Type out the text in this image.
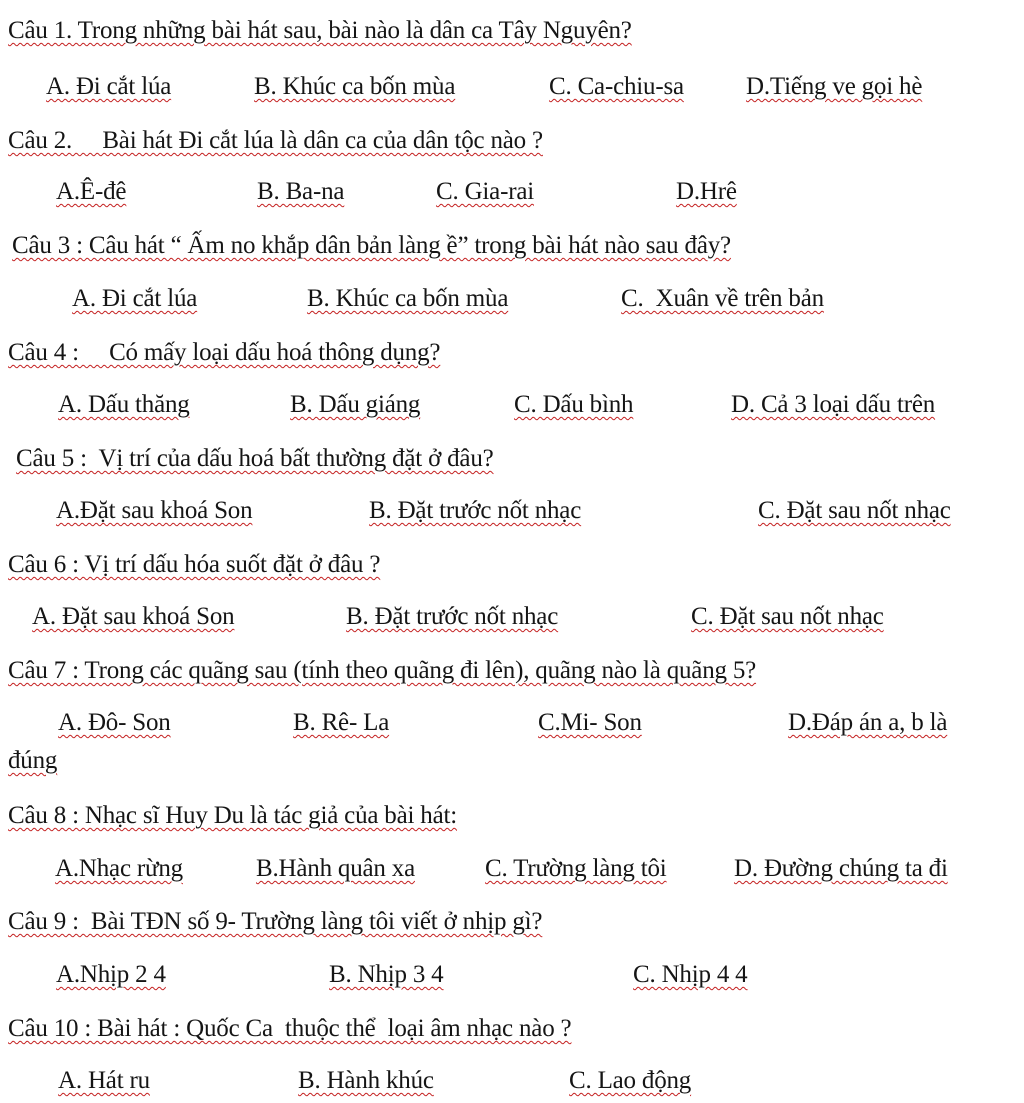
Câu 1. Trong những bài hát sau, bài nào là dân ca Tây Nguyên?
A. Đi cắt lúa	B. Khúc ca bốn mùa	C. Ca-chiu-sa D.Tiếng ve gọi hè
Câu 2.     Bài hát Đi cắt lúa là dân ca của dân tộc nào ?
A.Ê-đê	B. Ba-na	C. Gia-rai	D.Hrê
Câu 3 : Câu hát “ Ấm no khắp dân bản làng ề” trong bài hát nào sau đây?
A. Đi cắt lúa	B. Khúc ca bốn mùa	C.  Xuân về trên bản
Câu 4 :     Có mấy loại dấu hoá thông dụng?
A. Dấu thăng	B. Dấu giáng	C. Dấu bình	D. Cả 3 loại dấu trên
Câu 5 :  Vị trí của dấu hoá bất thường đặt ở đâu?
A.Đặt sau khoá Son	B. Đặt trước nốt nhạc	C. Đặt sau nốt nhạc
Câu 6 : Vị trí dấu hóa suốt đặt ở đâu ?
A. Đặt sau khoá Son	B. Đặt trước nốt nhạc	C. Đặt sau nốt nhạc
Câu 7 : Trong các quãng sau (tính theo quãng đi lên), quãng nào là quãng 5?
A. Đô- Son	B. Rê- La	C.Mi- Son	D.Đáp án a, b là
đúng
Câu 8 : Nhạc sĩ Huy Du là tác giả của bài hát:
A.Nhạc rừng	B.Hành quân xa	C. Trường làng tôi	D. Đường chúng ta đi
Câu 9 :  Bài TĐN số 9- Trường làng tôi viết ở nhịp gì?
A.Nhịp 2 4	B. Nhịp 3 4	C. Nhịp 4 4
Câu 10 : Bài hát : Quốc Ca  thuộc thể  loại âm nhạc nào ?
A. Hát ru	B. Hành khúc	C. Lao động
